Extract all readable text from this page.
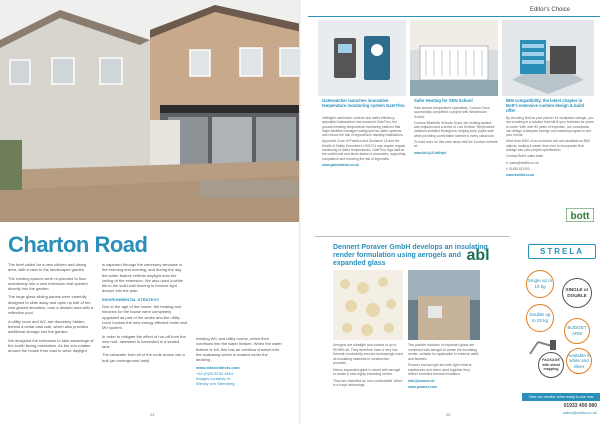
Charton Road

The brief called for a new kitchen and dining area, with a view to the landscaped garden.

The existing spaces were re-planned to flow seamlessly into a new extension that opened directly into the garden.

The large glass sliding panels were carefully designed to slide away and open up half of the rear glazed elevation, onto a decked area with a reflective pool.

A utility room and WC are discretely hidden behind a cedar-clad wall, which also provides additional storage into the garden.

We designed the extension to take advantage of the south facing orientation. As the sun rotates around the house from east to west, daylight

is captured through the clerestory windows in the morning and evening, and during the day the water feature reflects daylight onto the ceiling of the extension. We also used a white tile to the solid wall flooring to bounce light deeper into the plan.

ENVIRONMENTAL STRATEGY

Due to the age of the house, the heating and electrics for the house were completely upgraded as part of the works and the utility room houses the new energy efficient boiler and MV system.

In order to mitigate the effect of run-off from the new roof, rainwater is harvested in a sealed tank.

The rainwater from all of the roofs drains into a butt (an underground tank)

existing WC and utility rooms, which then overflows into the water feature. When the water feature is full, this has an overflow channel into the soakaway which is located under the decking.

www.drlarchitects.com
+44 (0)20 8742 4691
Images courtesy of:
Wendy von Sternberg
24
Editor's Choice
Gatewatcher launches innovative temperature monitoring system GateThru

Intelligent washroom controls and water efficiency specialist Gatewatcher has launched GateThru, the ground-breaking temperature monitoring platform that helps facilities managers safeguard hot water systems and reduce the risk of legionella in sanitary installations.

Approved Code of Practice and Guidance L8 and the Health & Safety Executive's HSG274 now require regular monitoring of water temperatures. GateThru logs data at the outlet level and alerts teams to anomalies, supporting compliance and reducing the risk of legionella.

www.gatewatcher.co.uk

Safer Heating for SEN School

Safe surface temperature specialists, Contour, have successfully completed a project with Westbrooke School.

Contour Bluebells Schools Grant, the heating system was replaced and a series of Low Surface Temperature radiators installed throughout, helping keep pupils safe while providing comfortable warmth in every classroom.

To read more on this case study visit the Contour website at:

www.bit.ly/2LbNHpd

BIM compatibility, the latest chapter in Bott's extensive custom design & build offer

By choosing Bott as your partner for workplace storage, you are investing in a solution that will fit your business for years to come. With over 80 years of expertise, our consultants can design a bespoke storage and workshop layout to suit your needs.

More than 6000 of our products are now available as BIM objects, making it easier than ever to incorporate Bott storage into your project specification.

Contact Bott's sales team

e: sales@bottltd.co.uk

t: 01455 611000

www.bottltd.co.uk

bott
Dennert Poraver GmbH develops an insulating render formulation using aerogels and expanded glass	abl

Aerogels are ultralight and consist of up to 99.98% air. They therefore have a very low thermal conductivity and are increasingly used as insulating materials in construction products.

Hence expanded glass is mixed with aerogel to create a new highly insulating render.

They are classified as 'non-combustible' which is a major advantage.

Two particle fractions of expanded glass are combined with aerogel to create the insulating render, suitable for application to external walls and facades.

Poraver and aerogel are both light mineral substances and when used together they deliver excellent thermal insulation.

info@poraver.de

www.poraver.com

STRELA
Single up to 10 kg
Double up to 20 kg
SINGLE or DOUBLE
BUDGET ARM
Available in white and silver
PACKAGE with stand mapping
View our monitor arms ready-to-use now
01933 400 080
sales@strela.co.uk
25
